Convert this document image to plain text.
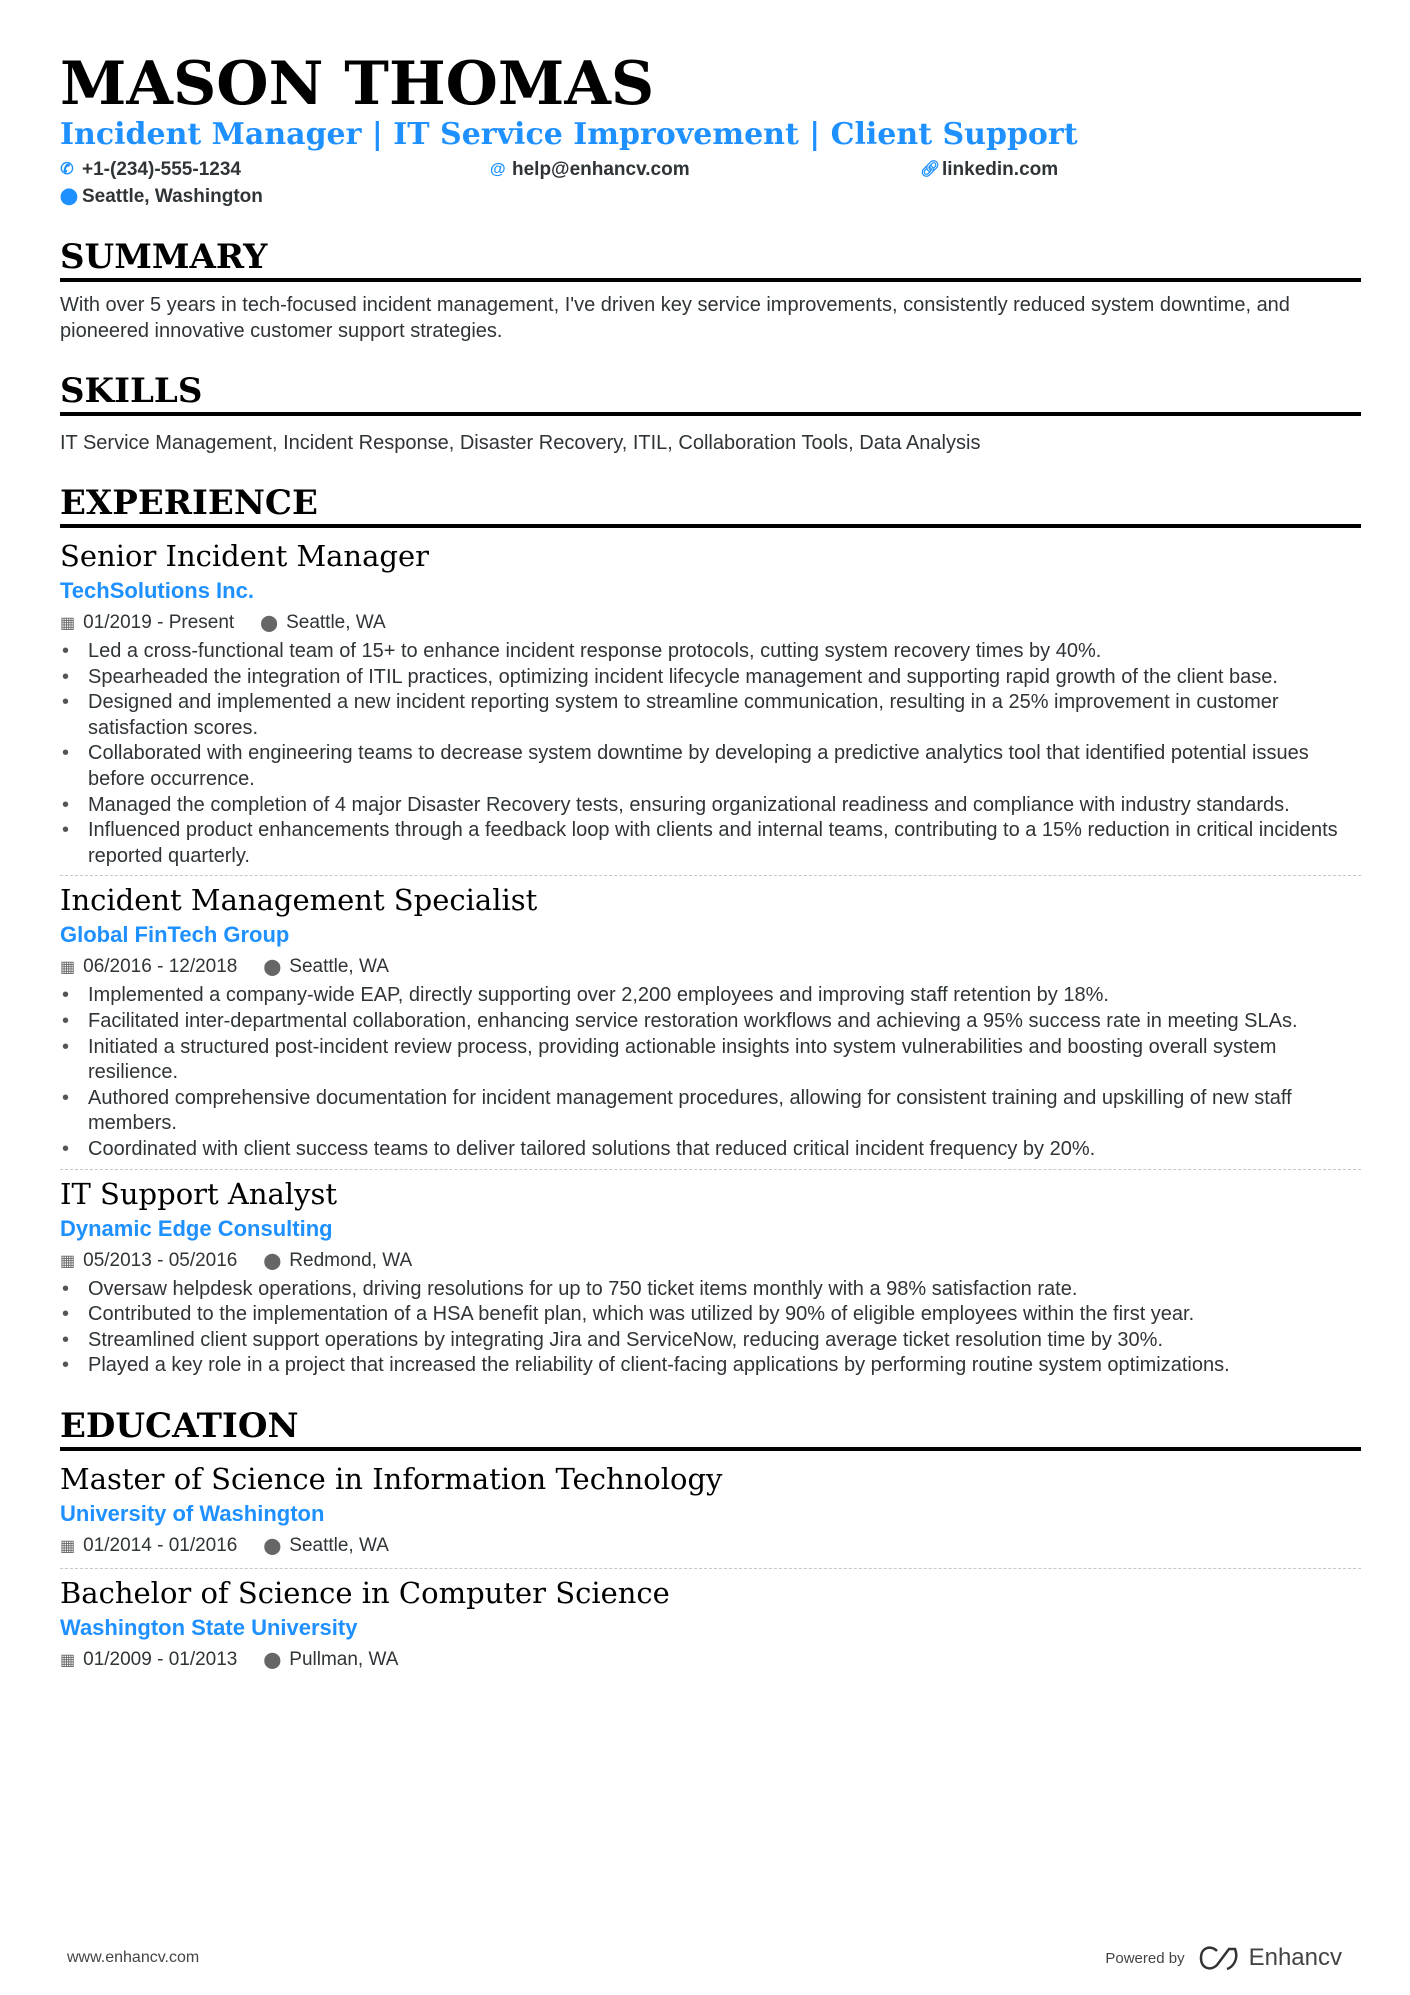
MASON THOMAS
Incident Manager | IT Service Improvement | Client Support
✆ +1-(234)-555-1234	@ help@enhancv.com	🔗︎ linkedin.com
⬤ Seattle, Washington
SUMMARY
With over 5 years in tech-focused incident management, I've driven key service improvements, consistently reduced system downtime, and pioneered innovative customer support strategies.
SKILLS
IT Service Management, Incident Response, Disaster Recovery, ITIL, Collaboration Tools, Data Analysis
EXPERIENCE
Senior Incident Manager
TechSolutions Inc.
▦ 01/2019 - Present ⬤ Seattle, WA
• Led a cross-functional team of 15+ to enhance incident response protocols, cutting system recovery times by 40%.
• Spearheaded the integration of ITIL practices, optimizing incident lifecycle management and supporting rapid growth of the client base.
• Designed and implemented a new incident reporting system to streamline communication, resulting in a 25% improvement in customer satisfaction scores.
• Collaborated with engineering teams to decrease system downtime by developing a predictive analytics tool that identified potential issues before occurrence.
• Managed the completion of 4 major Disaster Recovery tests, ensuring organizational readiness and compliance with industry standards.
• Influenced product enhancements through a feedback loop with clients and internal teams, contributing to a 15% reduction in critical incidents reported quarterly.
Incident Management Specialist
Global FinTech Group
▦ 06/2016 - 12/2018 ⬤ Seattle, WA
• Implemented a company-wide EAP, directly supporting over 2,200 employees and improving staff retention by 18%.
• Facilitated inter-departmental collaboration, enhancing service restoration workflows and achieving a 95% success rate in meeting SLAs.
• Initiated a structured post-incident review process, providing actionable insights into system vulnerabilities and boosting overall system resilience.
• Authored comprehensive documentation for incident management procedures, allowing for consistent training and upskilling of new staff members.
• Coordinated with client success teams to deliver tailored solutions that reduced critical incident frequency by 20%.
IT Support Analyst
Dynamic Edge Consulting
▦ 05/2013 - 05/2016 ⬤ Redmond, WA
• Oversaw helpdesk operations, driving resolutions for up to 750 ticket items monthly with a 98% satisfaction rate.
• Contributed to the implementation of a HSA benefit plan, which was utilized by 90% of eligible employees within the first year.
• Streamlined client support operations by integrating Jira and ServiceNow, reducing average ticket resolution time by 30%.
• Played a key role in a project that increased the reliability of client-facing applications by performing routine system optimizations.
EDUCATION
Master of Science in Information Technology
University of Washington
▦ 01/2014 - 01/2016 ⬤ Seattle, WA
Bachelor of Science in Computer Science
Washington State University
▦ 01/2009 - 01/2013 ⬤ Pullman, WA
www.enhancv.com	Powered by	Enhancv
